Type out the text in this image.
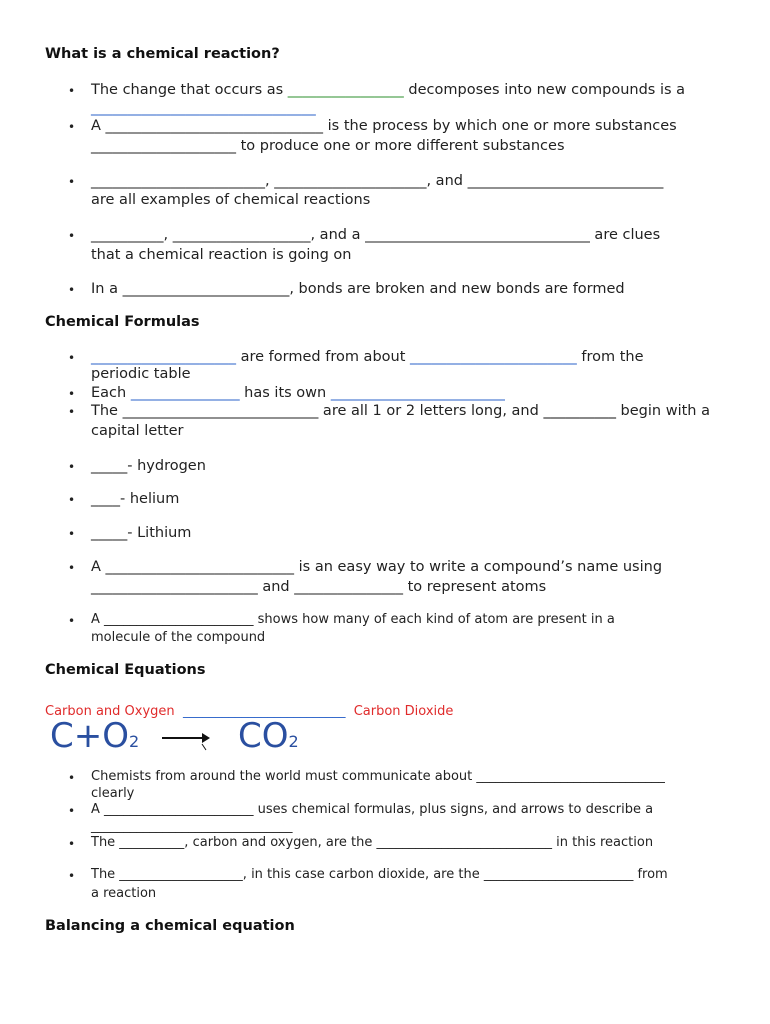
What is a chemical reaction?
• The change that occurs as ________________ decomposes into new compounds is a
_______________________________
• A ______________________________ is the process by which one or more substances
____________________ to produce one or more different substances
• ________________________, _____________________, and ___________________________
are all examples of chemical reactions
• __________, ___________________, and a _______________________________ are clues
that a chemical reaction is going on
• In a _______________________, bonds are broken and new bonds are formed
Chemical Formulas
• ____________________ are formed from about _______________________ from the
periodic table
• Each _______________ has its own ________________________
• The ___________________________ are all 1 or 2 letters long, and __________ begin with a
capital letter
• _____- hydrogen
• ____- helium
• _____- Lithium
• A __________________________ is an easy way to write a compound’s name using
_______________________ and _______________ to represent atoms
• A _______________________ shows how many of each kind of atom are present in a
molecule of the compound
Chemical Equations
Carbon and Oxygen _________________________ Carbon Dioxide
C+O2	CO2
• Chemists from around the world must communicate about _____________________________
clearly
• A _______________________ uses chemical formulas, plus signs, and arrows to describe a
_______________________________
• The __________, carbon and oxygen, are the ___________________________ in this reaction
• The ___________________, in this case carbon dioxide, are the _______________________ from
a reaction
Balancing a chemical equation
